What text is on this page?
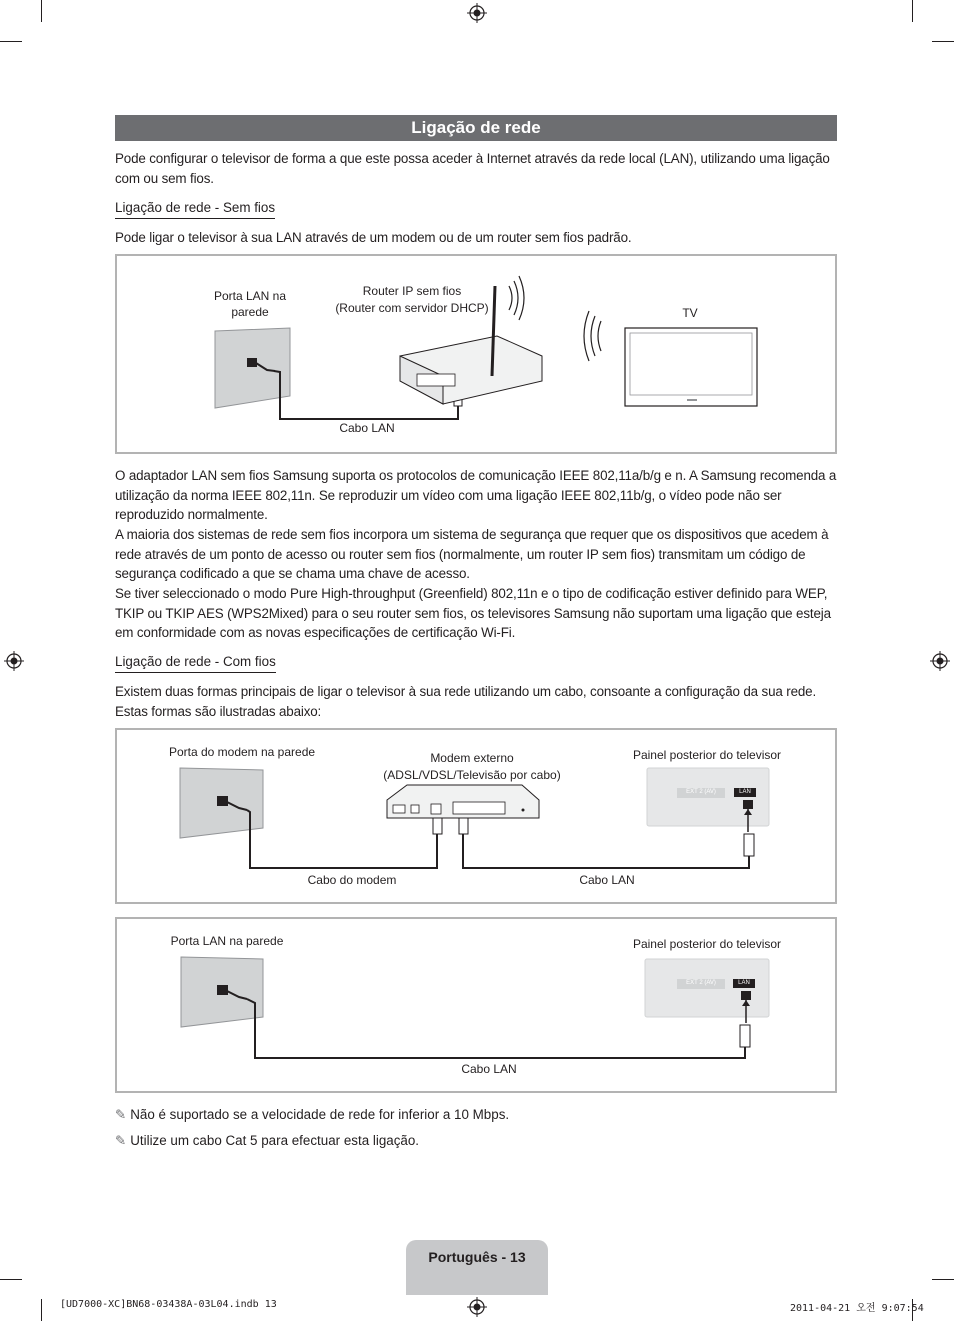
Ligação de rede
Pode configurar o televisor de forma a que este possa aceder à Internet através da rede local (LAN), utilizando uma ligação com ou sem fios.
Ligação de rede - Sem fios
Pode ligar o televisor à sua LAN através de um modem ou de um router sem fios padrão.
Porta LAN na parede
Router IP sem fios
(Router com servidor DHCP)	TV
Cabo LAN
O adaptador LAN sem fios Samsung suporta os protocolos de comunicação IEEE 802,11a/b/g e n. A Samsung recomenda a utilização da norma IEEE 802,11n. Se reproduzir um vídeo com uma ligação IEEE 802,11b/g, o vídeo pode não ser reproduzido normalmente.
A maioria dos sistemas de rede sem fios incorpora um sistema de segurança que requer que os dispositivos que acedem à rede através de um ponto de acesso ou router sem fios (normalmente, um router IP sem fios) transmitam um código de segurança codificado a que se chama uma chave de acesso.
Se tiver seleccionado o modo Pure High-throughput (Greenfield) 802,11n e o tipo de codificação estiver definido para WEP, TKIP ou TKIP AES (WPS2Mixed) para o seu router sem fios, os televisores Samsung não suportam uma ligação que esteja em conformidade com as novas especificações de certificação Wi-Fi.
Ligação de rede - Com fios
Existem duas formas principais de ligar o televisor à sua rede utilizando um cabo, consoante a configuração da sua rede. Estas formas são ilustradas abaixo:
Porta do modem na parede	Modem externo
(ADSL/VDSL/Televisão por cabo)
Painel posterior do televisor
EXT 2 (AV)	LAN
Cabo do modem	Cabo LAN
Porta LAN na parede	Painel posterior do televisor
EXT 2 (AV)	LAN
Cabo LAN
✎ Não é suportado se a velocidade de rede for inferior a 10 Mbps.
✎ Utilize um cabo Cat 5 para efectuar esta ligação.
Português - 13
[UD7000-XC]BN68-03438A-03L04.indb 13	2011-04-21 오전 9:07:54
